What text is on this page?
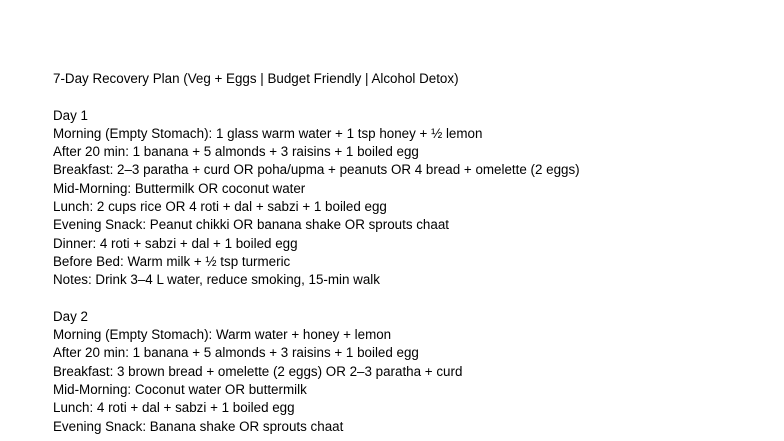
7-Day Recovery Plan (Veg + Eggs | Budget Friendly | Alcohol Detox)
Day 1
Morning (Empty Stomach): 1 glass warm water + 1 tsp honey + ½ lemon
After 20 min: 1 banana + 5 almonds + 3 raisins + 1 boiled egg
Breakfast: 2–3 paratha + curd OR poha/upma + peanuts OR 4 bread + omelette (2 eggs)
Mid-Morning: Buttermilk OR coconut water
Lunch: 2 cups rice OR 4 roti + dal + sabzi + 1 boiled egg
Evening Snack: Peanut chikki OR banana shake OR sprouts chaat
Dinner: 4 roti + sabzi + dal + 1 boiled egg
Before Bed: Warm milk + ½ tsp turmeric
Notes: Drink 3–4 L water, reduce smoking, 15-min walk
Day 2
Morning (Empty Stomach): Warm water + honey + lemon
After 20 min: 1 banana + 5 almonds + 3 raisins + 1 boiled egg
Breakfast: 3 brown bread + omelette (2 eggs) OR 2–3 paratha + curd
Mid-Morning: Coconut water OR buttermilk
Lunch: 4 roti + dal + sabzi + 1 boiled egg
Evening Snack: Banana shake OR sprouts chaat
